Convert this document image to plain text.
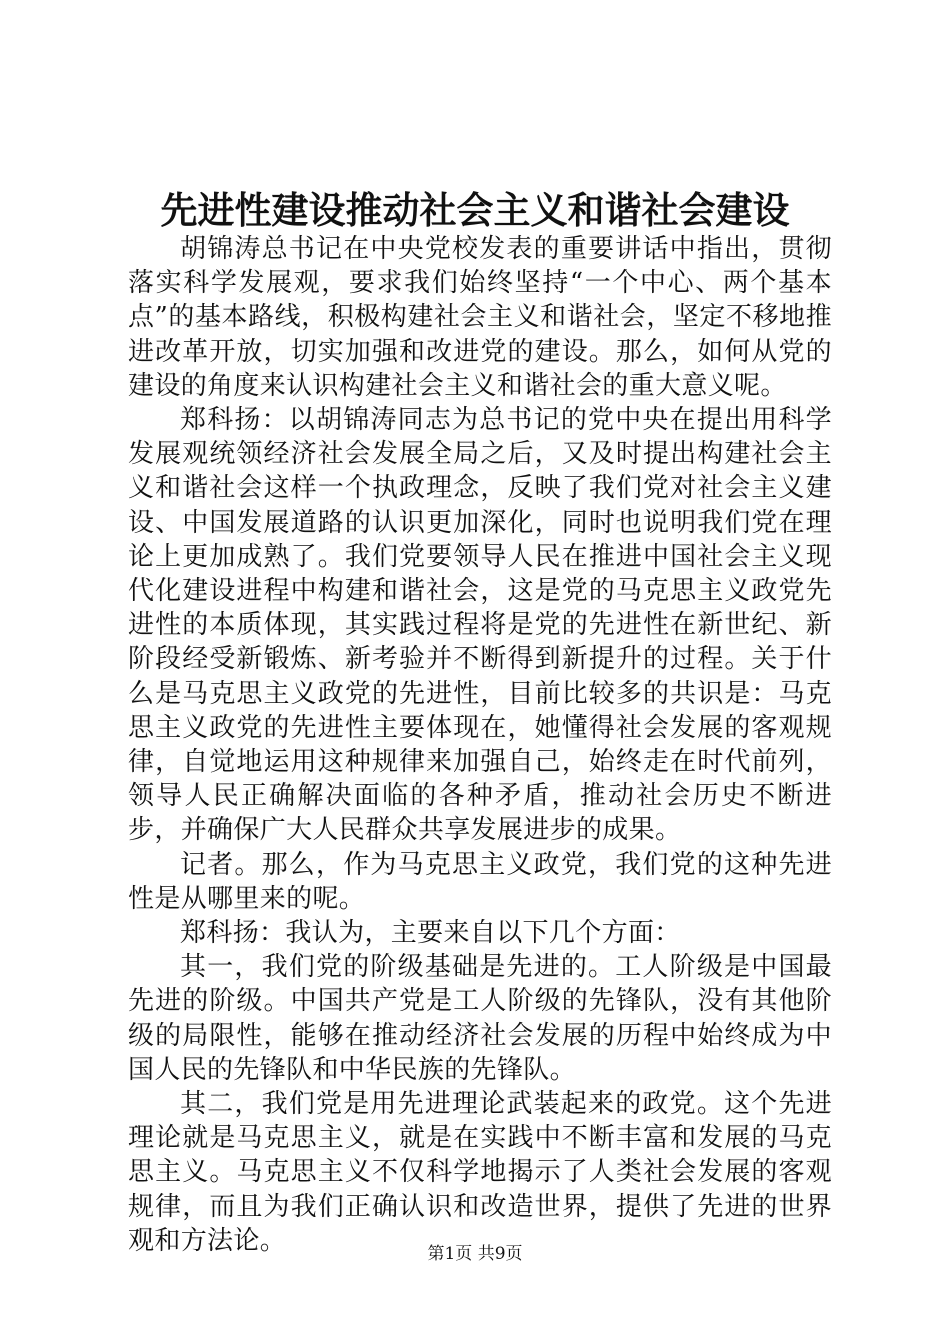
先进性建设推动社会主义和谐社会建设

胡锦涛总书记在中央党校发表的重要讲话中指出，贯彻落实科学发展观，要求我们始终坚持“一个中心、两个基本点”的基本路线，积极构建社会主义和谐社会，坚定不移地推进改革开放，切实加强和改进党的建设。那么，如何从党的建设的角度来认识构建社会主义和谐社会的重大意义呢。

郑科扬：以胡锦涛同志为总书记的党中央在提出用科学发展观统领经济社会发展全局之后，又及时提出构建社会主义和谐社会这样一个执政理念，反映了我们党对社会主义建设、中国发展道路的认识更加深化，同时也说明我们党在理论上更加成熟了。我们党要领导人民在推进中国社会主义现代化建设进程中构建和谐社会，这是党的马克思主义政党先进性的本质体现，其实践过程将是党的先进性在新世纪、新阶段经受新锻炼、新考验并不断得到新提升的过程。关于什么是马克思主义政党的先进性，目前比较多的共识是：马克思主义政党的先进性主要体现在，她懂得社会发展的客观规律，自觉地运用这种规律来加强自己，始终走在时代前列，领导人民正确解决面临的各种矛盾，推动社会历史不断进步，并确保广大人民群众共享发展进步的成果。

记者。那么，作为马克思主义政党，我们党的这种先进性是从哪里来的呢。

郑科扬：我认为，主要来自以下几个方面：

其一，我们党的阶级基础是先进的。工人阶级是中国最先进的阶级。中国共产党是工人阶级的先锋队，没有其他阶级的局限性，能够在推动经济社会发展的历程中始终成为中国人民的先锋队和中华民族的先锋队。

其二，我们党是用先进理论武装起来的政党。这个先进理论就是马克思主义，就是在实践中不断丰富和发展的马克思主义。马克思主义不仅科学地揭示了人类社会发展的客观规律，而且为我们正确认识和改造世界，提供了先进的世界观和方法论。	第1页 共9页
